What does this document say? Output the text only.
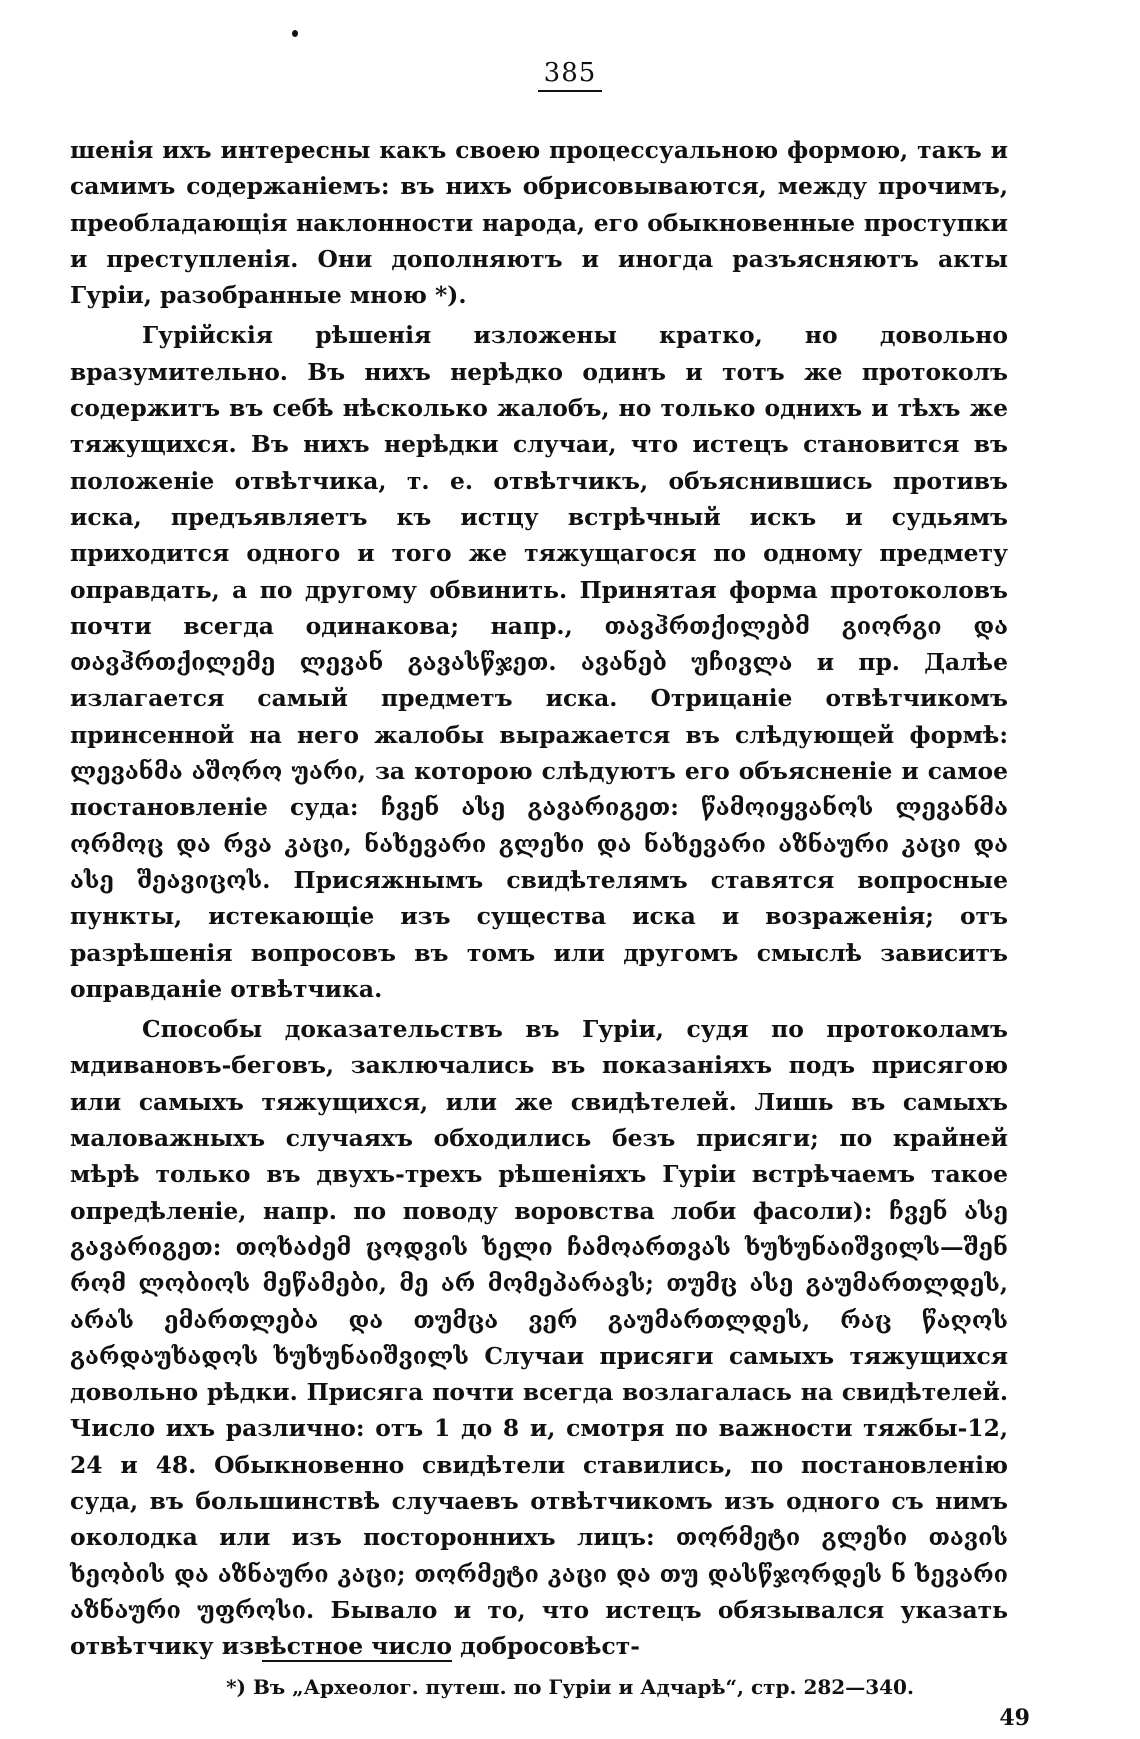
385

шенія ихъ интересны какъ своею процессуальною формою, такъ и самимъ содержаніемъ: въ нихъ обрисовываются, между прочимъ, преобладающія наклонности народа, его обыкновенные проступки и преступленія. Они дополняютъ и иногда разъясняютъ акты Гуріи, разобранные мною *).

Гурійскія рѣшенія изложены кратко, но довольно вразумительно. Въ нихъ нерѣдко одинъ и тотъ же протоколъ содержитъ въ себѣ нѣсколько жалобъ, но только однихъ и тѣхъ же тяжущихся. Въ нихъ нерѣдки случаи, что истецъ становится въ положеніе отвѣтчика, т. е. отвѣтчикъ, объяснившись противъ иска, предъявляетъ къ истцу встрѣчный искъ и судьямъ приходится одного и того же тяжущагося по одному предмету оправдать, а по другому обвинить. Принятая форма протоколовъ почти всегда одинакова; напр., თავჰრთქილებმ გიორგი და თავჰრთქილემე ლევან გავასწჯეთ. ავანებ უჩივლა и пр. Далѣе излагается самый предметъ иска. Отрицаніе отвѣтчикомъ принсенной на него жалобы выражается въ слѣдующей формѣ: ლევანმა აშორო უარი, за которою слѣдуютъ его объясненіе и самое постановленіе суда: ჩვენ ასე გავარიგეთ: წამოიყვანოს ლევანმა ორმოც და რვა კაცი, ნახევარი გლეხი და ნახევარი აზნაური კაცი და ასე შეავიცოს. Присяжнымъ свидѣтелямъ ставятся вопросные пункты, истекающіе изъ существа иска и возраженія; отъ разрѣшенія вопросовъ въ томъ или другомъ смыслѣ зависитъ оправданіе отвѣтчика.

Способы доказательствъ въ Гуріи, судя по протоколамъ мдивановъ-беговъ, заключались въ показаніяхъ подъ присягою или самыхъ тяжущихся, или же свидѣтелей. Лишь въ самыхъ маловажныхъ случаяхъ обходились безъ присяги; по крайней мѣрѣ только въ двухъ-трехъ рѣшеніяхъ Гуріи встрѣчаемъ такое опредѣленіе, напр. по поводу воровства лоби фасоли): ჩვენ ასე გავარიგეთ: თოხაძემ ცოდვის ხელი ჩამოართვას ხუხუნაიშვილს—შენ რომ ლობიოს მეწამები, მე არ მომეპარავს; თუმც ასე გაუმართლდეს, არას ემართლება და თუმცა ვერ გაუმართლდეს, რაც წაღოს გარდაუხადოს ხუხუნაიშვილს Случаи присяги самыхъ тяжущихся довольно рѣдки. Присяга почти всегда возлагалась на свидѣтелей. Число ихъ различно: отъ 1 до 8 и, смотря по важности тяжбы-12, 24 и 48. Обыкновенно свидѣтели ставились, по постановленію суда, въ большинствѣ случаевъ отвѣтчикомъ изъ одного съ нимъ околодка или изъ постороннихъ лицъ: თორმეტი გლეხი თავის ხეობის და აზნაური კაცი; თორმეტი კაცი და თუ დასწჯორდეს ნ ხევარი აზნაური უფროსი. Бывало и то, что истецъ обязывался указать отвѣтчику извѣстное число добросовѣст-

*) Въ „Археолог. путеш. по Гуріи и Адчарѣ“, стр. 282—340.
49
